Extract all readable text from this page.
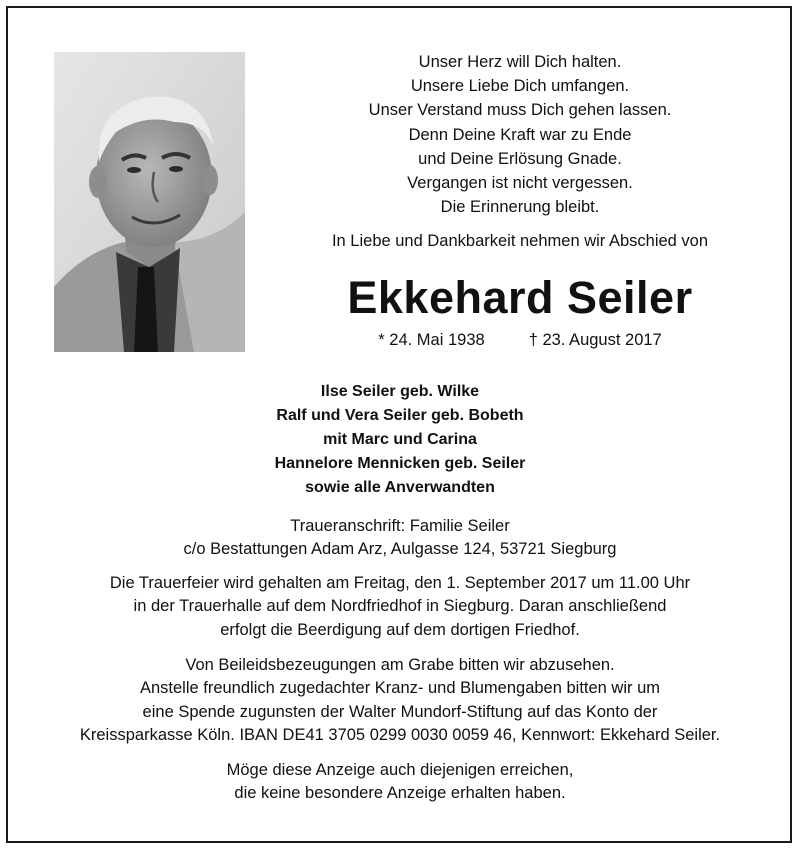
Unser Herz will Dich halten.
Unsere Liebe Dich umfangen.
Unser Verstand muss Dich gehen lassen.
Denn Deine Kraft war zu Ende
und Deine Erlösung Gnade.
Vergangen ist nicht vergessen.
Die Erinnerung bleibt.
In Liebe und Dankbarkeit nehmen wir Abschied von
Ekkehard Seiler
* 24. Mai 1938	† 23. August 2017
Ilse Seiler geb. Wilke
Ralf und Vera Seiler geb. Bobeth
mit Marc und Carina
Hannelore Mennicken geb. Seiler
sowie alle Anverwandten
Traueranschrift: Familie Seiler
c/o Bestattungen Adam Arz, Aulgasse 124, 53721 Siegburg
Die Trauerfeier wird gehalten am Freitag, den 1. September 2017 um 11.00 Uhr
in der Trauerhalle auf dem Nordfriedhof in Siegburg. Daran anschließend
erfolgt die Beerdigung auf dem dortigen Friedhof.
Von Beileidsbezeugungen am Grabe bitten wir abzusehen.
Anstelle freundlich zugedachter Kranz- und Blumengaben bitten wir um
eine Spende zugunsten der Walter Mundorf-Stiftung auf das Konto der
Kreissparkasse Köln. IBAN DE41 3705 0299 0030 0059 46, Kennwort: Ekkehard Seiler.
Möge diese Anzeige auch diejenigen erreichen,
die keine besondere Anzeige erhalten haben.
